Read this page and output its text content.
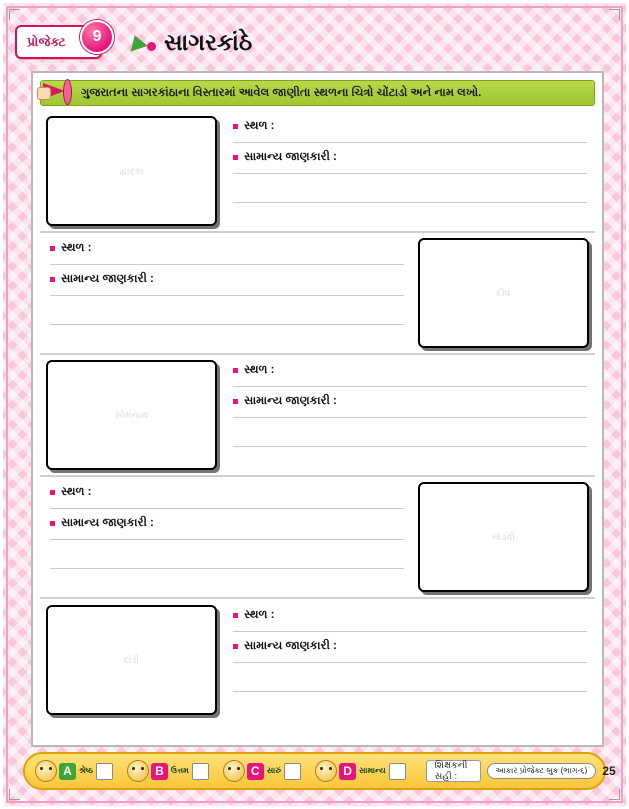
પ્રોજેક્ટ	9	સાગરકાંઠે
ગુજરાતના સાગરકાંઠાના વિસ્તારમાં આવેલ જાણીતા સ્થળના ચિત્રો ચોંટાડો અને નામ લખો.
દ્વારકા
સ્થળ :
સામાન્ય જાણકારી :
દીવ
સ્થળ :
સામાન્ય જાણકારી :
સોમનાથ
સ્થળ :
સામાન્ય જાણકારી :
માંડવી
સ્થળ :
સામાન્ય જાણકારી :
દાંડી
સ્થળ :
સામાન્ય જાણકારી :
A શ્રેષ્ઠ	B ઉત્તમ	C સારું	D સામાન્ય	શિક્ષકની સહી :
આકાર પ્રોજેક્ટ બુક (ભાગ-૬)	25
